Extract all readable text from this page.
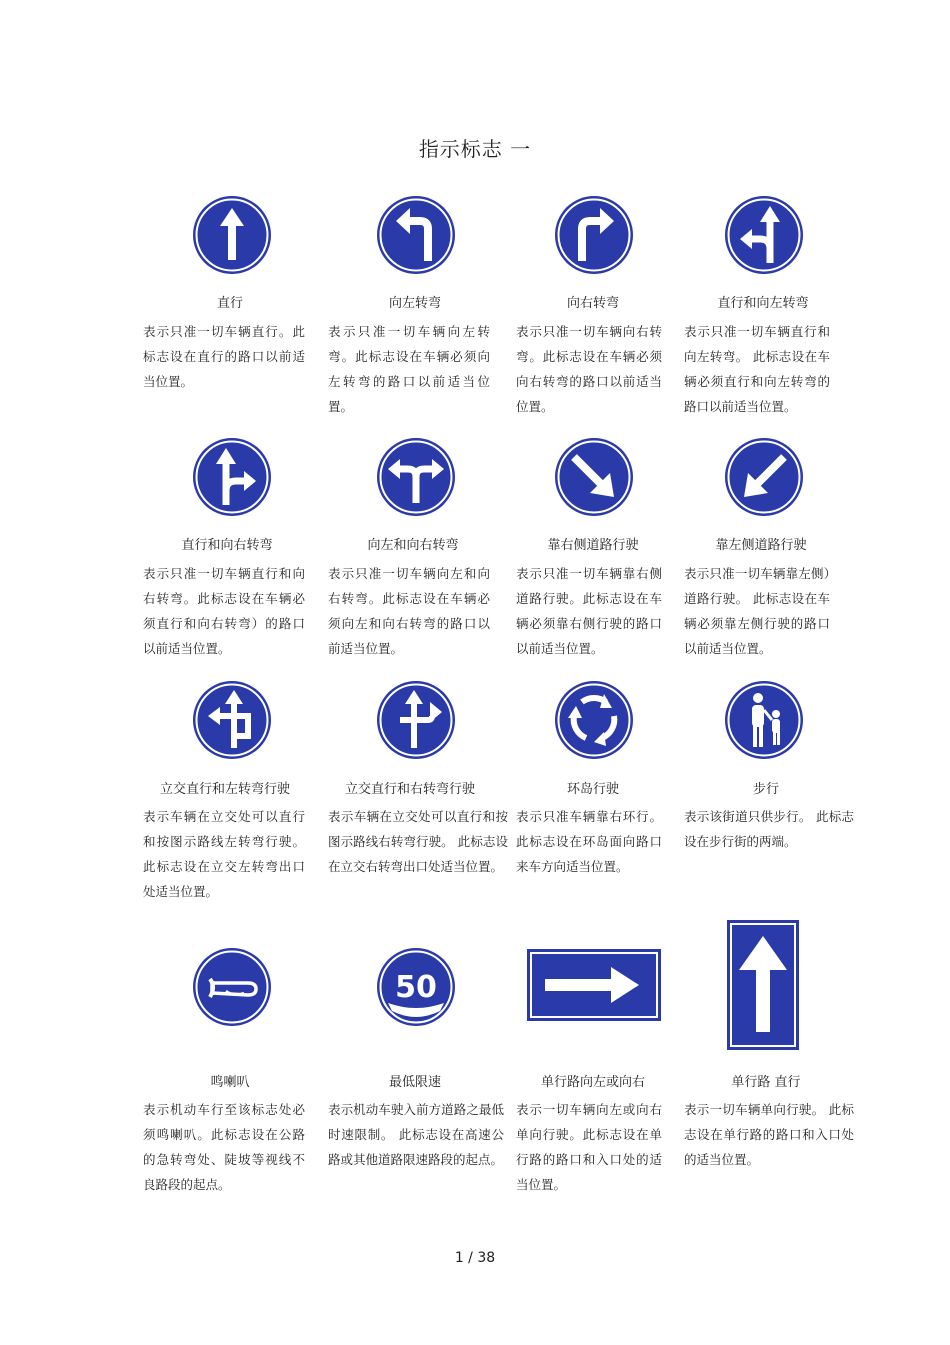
指示标志 一
直行	向左转弯	向右转弯	直行和向左转弯
表示只准一切车辆直行。此标志设在直行的路口以前适当位置。
表示只准一切车辆向左转弯。此标志设在车辆必须向左转弯的路口以前适当位置。
表示只准一切车辆向右转弯。此标志设在车辆必须向右转弯的路口以前适当位置。
表示只准一切车辆直行和向左转弯。 此标志设在车辆必须直行和向左转弯的路口以前适当位置。
直行和向右转弯	向左和向右转弯	靠右侧道路行驶	靠左侧道路行驶
表示只准一切车辆直行和向右转弯。此标志设在车辆必须直行和向右转弯）的路口以前适当位置。
表示只准一切车辆向左和向右转弯。此标志设在车辆必须向左和向右转弯的路口以前适当位置。
表示只准一切车辆靠右侧道路行驶。此标志设在车辆必须靠右侧行驶的路口以前适当位置。
表示只准一切车辆靠左侧）道路行驶。 此标志设在车辆必须靠左侧行驶的路口以前适当位置。
立交直行和左转弯行驶	立交直行和右转弯行驶	环岛行驶	步行
表示车辆在立交处可以直行和按图示路线左转弯行驶。此标志设在立交左转弯出口处适当位置。
表示车辆在立交处可以直行和按图示路线右转弯行驶。 此标志设在立交右转弯出口处适当位置。
表示只准车辆靠右环行。 此标志设在环岛面向路口来车方向适当位置。
表示该街道只供步行。 此标志设在步行街的两端。
50
鸣喇叭	最低限速	单行路向左或向右	单行路 直行
表示机动车行至该标志处必须鸣喇叭。此标志设在公路的急转弯处、陡坡等视线不良路段的起点。
表示机动车驶入前方道路之最低时速限制。 此标志设在高速公路或其他道路限速路段的起点。
表示一切车辆向左或向右单向行驶。此标志设在单行路的路口和入口处的适当位置。
表示一切车辆单向行驶。 此标志设在单行路的路口和入口处的适当位置。
1 / 38
